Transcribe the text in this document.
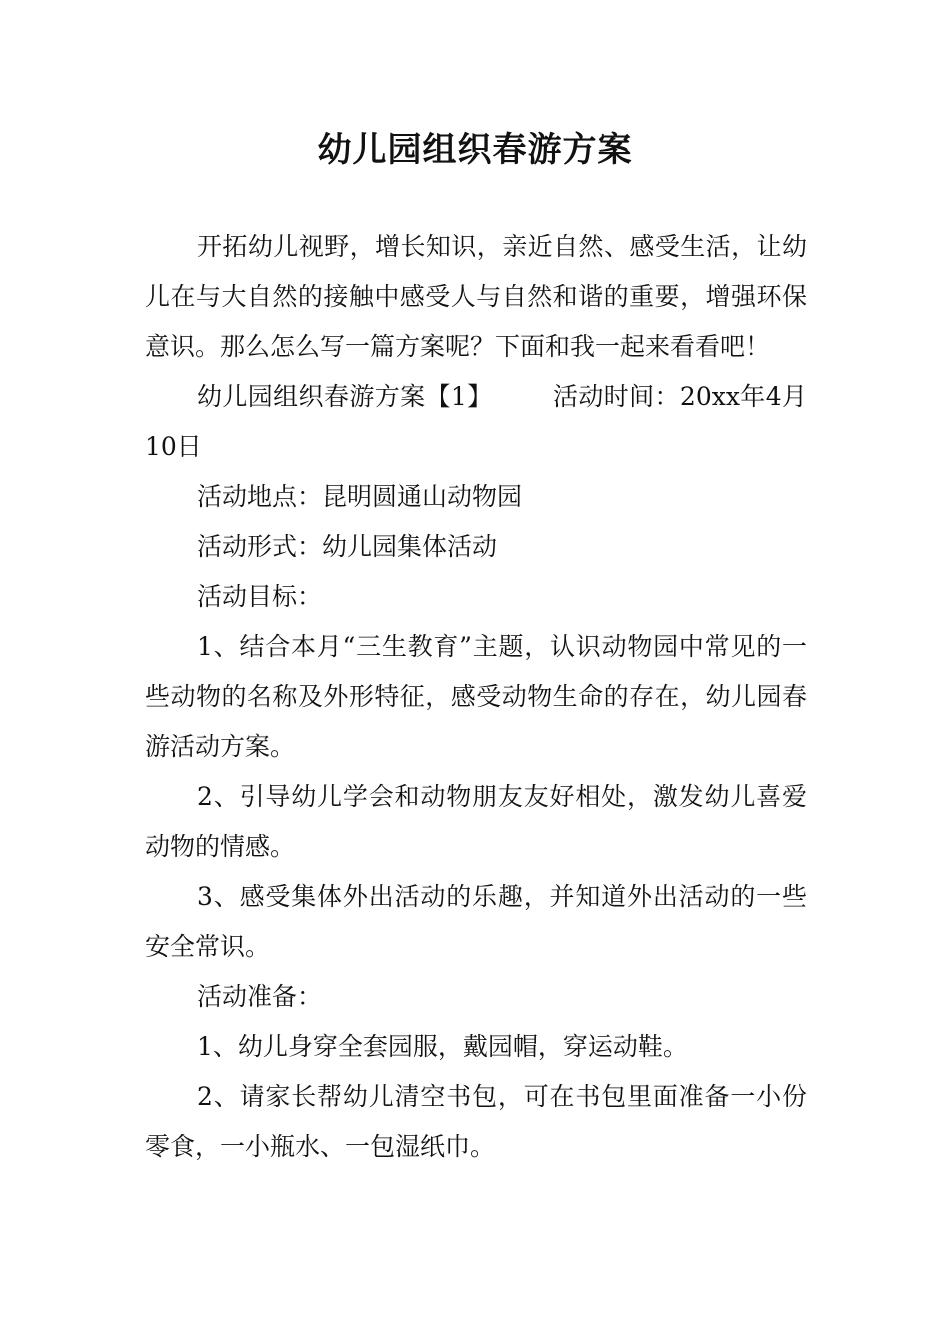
幼儿园组织春游方案

开拓幼儿视野，增长知识，亲近自然、感受生活，让幼儿在与大自然的接触中感受人与自然和谐的重要，增强环保意识。那么怎么写一篇方案呢？下面和我一起来看看吧！

幼儿园组织春游方案【1】 活动时间：20xx年4月10日

活动地点：昆明圆通山动物园

活动形式：幼儿园集体活动

活动目标：

1、结合本月“三生教育”主题，认识动物园中常见的一些动物的名称及外形特征，感受动物生命的存在，幼儿园春游活动方案。

2、引导幼儿学会和动物朋友友好相处，激发幼儿喜爱动物的情感。

3、感受集体外出活动的乐趣，并知道外出活动的一些安全常识。

活动准备：

1、幼儿身穿全套园服，戴园帽，穿运动鞋。

2、请家长帮幼儿清空书包，可在书包里面准备一小份零食，一小瓶水、一包湿纸巾。
